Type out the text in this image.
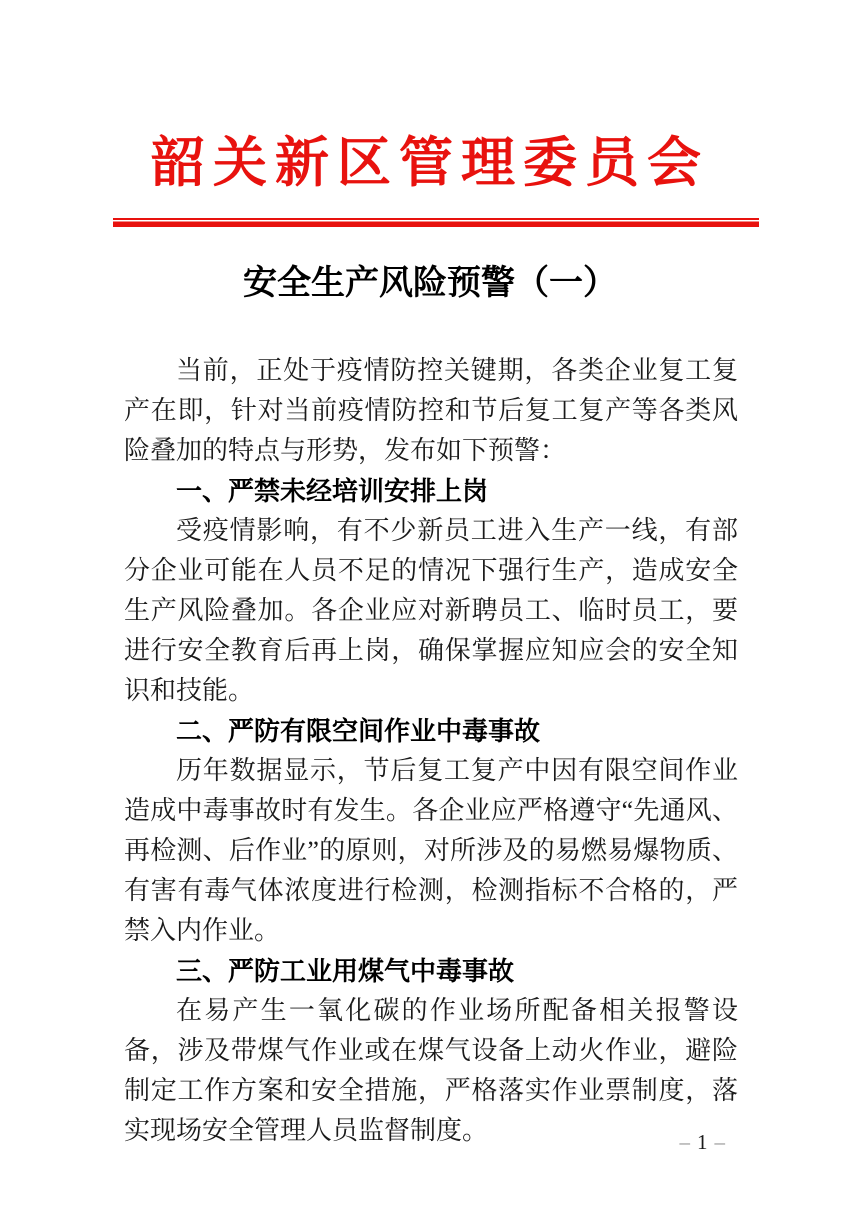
韶关新区管理委员会
安全生产风险预警（一）

当前，正处于疫情防控关键期，各类企业复工复产在即，针对当前疫情防控和节后复工复产等各类风险叠加的特点与形势，发布如下预警：

一、严禁未经培训安排上岗

受疫情影响，有不少新员工进入生产一线，有部分企业可能在人员不足的情况下强行生产，造成安全生产风险叠加。各企业应对新聘员工、临时员工，要进行安全教育后再上岗，确保掌握应知应会的安全知识和技能。

二、严防有限空间作业中毒事故

历年数据显示，节后复工复产中因有限空间作业造成中毒事故时有发生。各企业应严格遵守“先通风、再检测、后作业”的原则，对所涉及的易燃易爆物质、有害有毒气体浓度进行检测，检测指标不合格的，严禁入内作业。

三、严防工业用煤气中毒事故

在易产生一氧化碳的作业场所配备相关报警设备，涉及带煤气作业或在煤气设备上动火作业，避险制定工作方案和安全措施，严格落实作业票制度，落实现场安全管理人员监督制度。	– 1 –
